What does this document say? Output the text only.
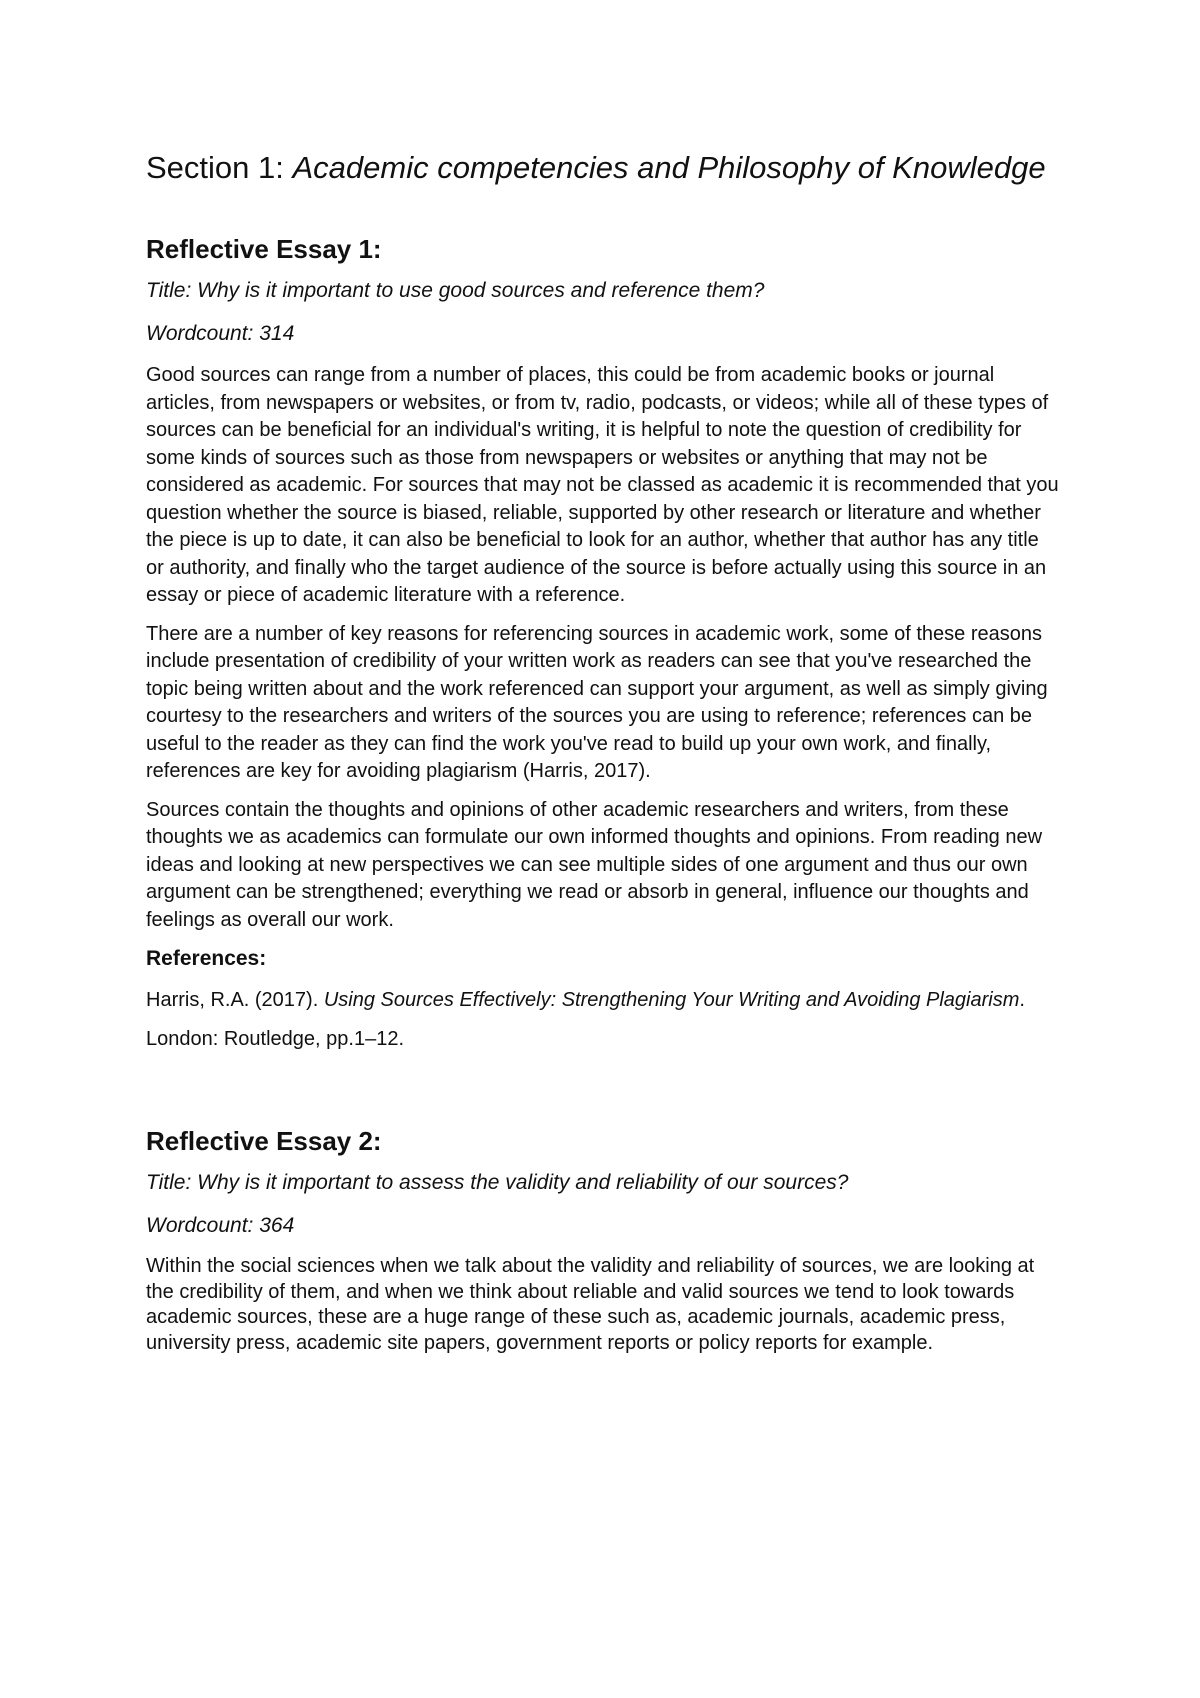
Section 1: Academic competencies and Philosophy of Knowledge
Reflective Essay 1:

Title: Why is it important to use good sources and reference them?

Wordcount: 314

Good sources can range from a number of places, this could be from academic books or journal articles, from newspapers or websites, or from tv, radio, podcasts, or videos; while all of these types of sources can be beneficial for an individual's writing, it is helpful to note the question of credibility for some kinds of sources such as those from newspapers or websites or anything that may not be considered as academic. For sources that may not be classed as academic it is recommended that you question whether the source is biased, reliable, supported by other research or literature and whether the piece is up to date, it can also be beneficial to look for an author, whether that author has any title or authority, and finally who the target audience of the source is before actually using this source in an essay or piece of academic literature with a reference.

There are a number of key reasons for referencing sources in academic work, some of these reasons include presentation of credibility of your written work as readers can see that you've researched the topic being written about and the work referenced can support your argument, as well as simply giving courtesy to the researchers and writers of the sources you are using to reference; references can be useful to the reader as they can find the work you've read to build up your own work, and finally, references are key for avoiding plagiarism (Harris, 2017).

Sources contain the thoughts and opinions of other academic researchers and writers, from these thoughts we as academics can formulate our own informed thoughts and opinions. From reading new ideas and looking at new perspectives we can see multiple sides of one argument and thus our own argument can be strengthened; everything we read or absorb in general, influence our thoughts and feelings as overall our work.

References:

Harris, R.A. (2017). Using Sources Effectively: Strengthening Your Writing and Avoiding Plagiarism. London: Routledge, pp.1–12.

Reflective Essay 2:

Title: Why is it important to assess the validity and reliability of our sources?

Wordcount: 364

Within the social sciences when we talk about the validity and reliability of sources, we are looking at the credibility of them, and when we think about reliable and valid sources we tend to look towards academic sources, these are a huge range of these such as, academic journals, academic press, university press, academic site papers, government reports or policy reports for example.
